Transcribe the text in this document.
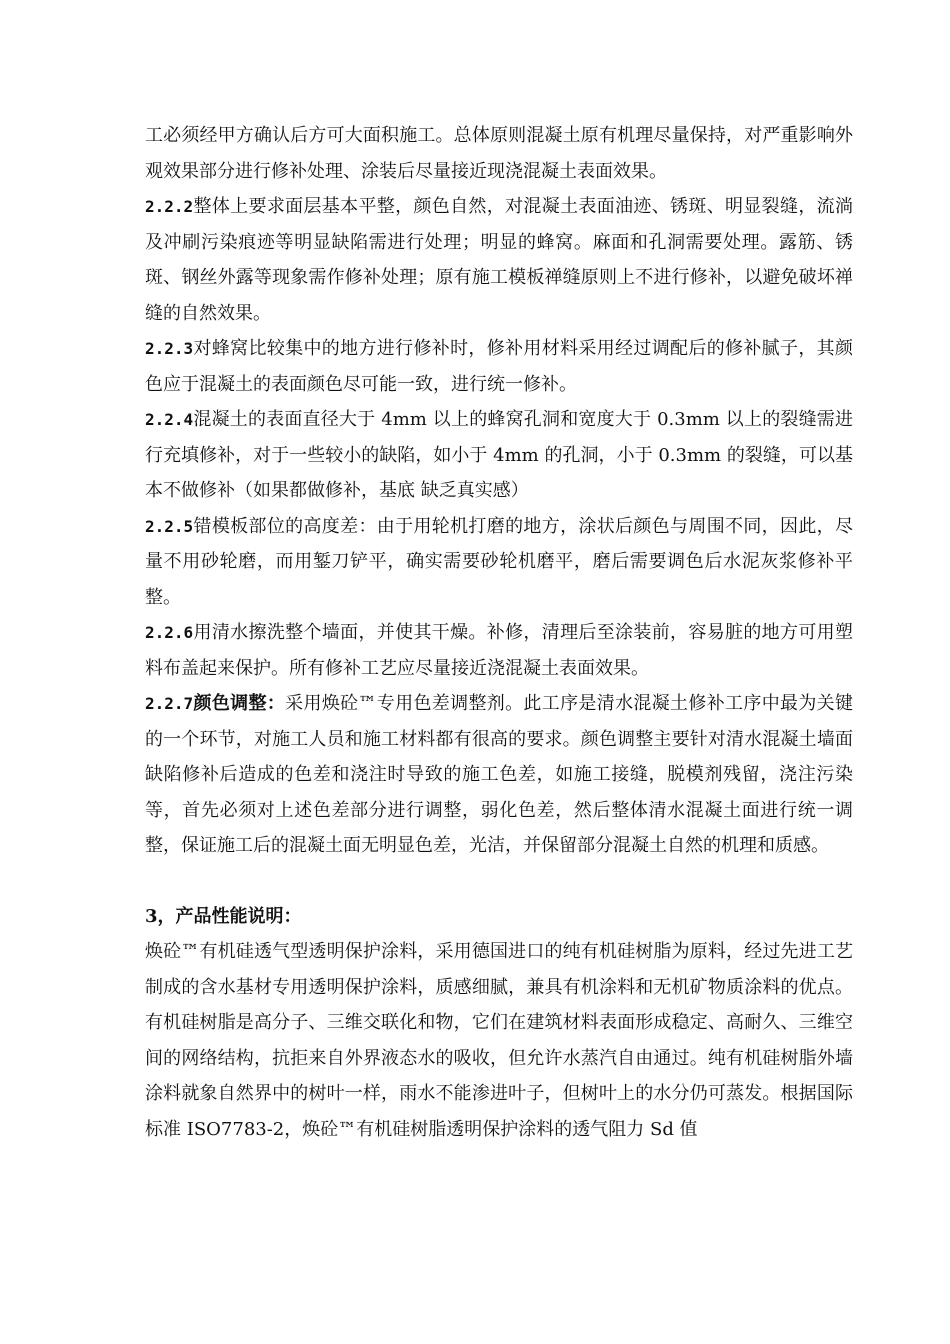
工必须经甲方确认后方可大面积施工。总体原则混凝土原有机理尽量保持，对严重影响外观效果部分进行修补处理、涂装后尽量接近现浇混凝土表面效果。

2.2.2整体上要求面层基本平整，颜色自然，对混凝土表面油迹、锈斑、明显裂缝，流淌及冲刷污染痕迹等明显缺陷需进行处理；明显的蜂窝。麻面和孔洞需要处理。露筋、锈斑、钢丝外露等现象需作修补处理；原有施工模板禅缝原则上不进行修补，以避免破坏禅缝的自然效果。

2.2.3对蜂窝比较集中的地方进行修补时，修补用材料采用经过调配后的修补腻子，其颜色应于混凝土的表面颜色尽可能一致，进行统一修补。

2.2.4混凝土的表面直径大于 4mm 以上的蜂窝孔洞和宽度大于 0.3mm 以上的裂缝需进行充填修补，对于一些较小的缺陷，如小于 4mm 的孔洞，小于 0.3mm 的裂缝，可以基本不做修补（如果都做修补，基底 缺乏真实感）

2.2.5错模板部位的高度差：由于用轮机打磨的地方，涂状后颜色与周围不同，因此，尽量不用砂轮磨，而用錾刀铲平，确实需要砂轮机磨平，磨后需要调色后水泥灰浆修补平整。

2.2.6用清水擦洗整个墙面，并使其干燥。补修，清理后至涂装前，容易脏的地方可用塑料布盖起来保护。所有修补工艺应尽量接近浇混凝土表面效果。

2.2.7颜色调整：采用焕砼™专用色差调整剂。此工序是清水混凝土修补工序中最为关键的一个环节，对施工人员和施工材料都有很高的要求。颜色调整主要针对清水混凝土墙面缺陷修补后造成的色差和浇注时导致的施工色差，如施工接缝，脱模剂残留，浇注污染等，首先必须对上述色差部分进行调整，弱化色差，然后整体清水混凝土面进行统一调整，保证施工后的混凝土面无明显色差，光洁，并保留部分混凝土自然的机理和质感。

3，产品性能说明：

焕砼™有机硅透气型透明保护涂料，采用德国进口的纯有机硅树脂为原料，经过先进工艺制成的含水基材专用透明保护涂料，质感细腻，兼具有机涂料和无机矿物质涂料的优点。有机硅树脂是高分子、三维交联化和物，它们在建筑材料表面形成稳定、高耐久、三维空间的网络结构，抗拒来自外界液态水的吸收，但允许水蒸汽自由通过。纯有机硅树脂外墙涂料就象自然界中的树叶一样，雨水不能渗进叶子，但树叶上的水分仍可蒸发。根据国际标准 ISO7783-2，焕砼™有机硅树脂透明保护涂料的透气阻力 Sd 值
